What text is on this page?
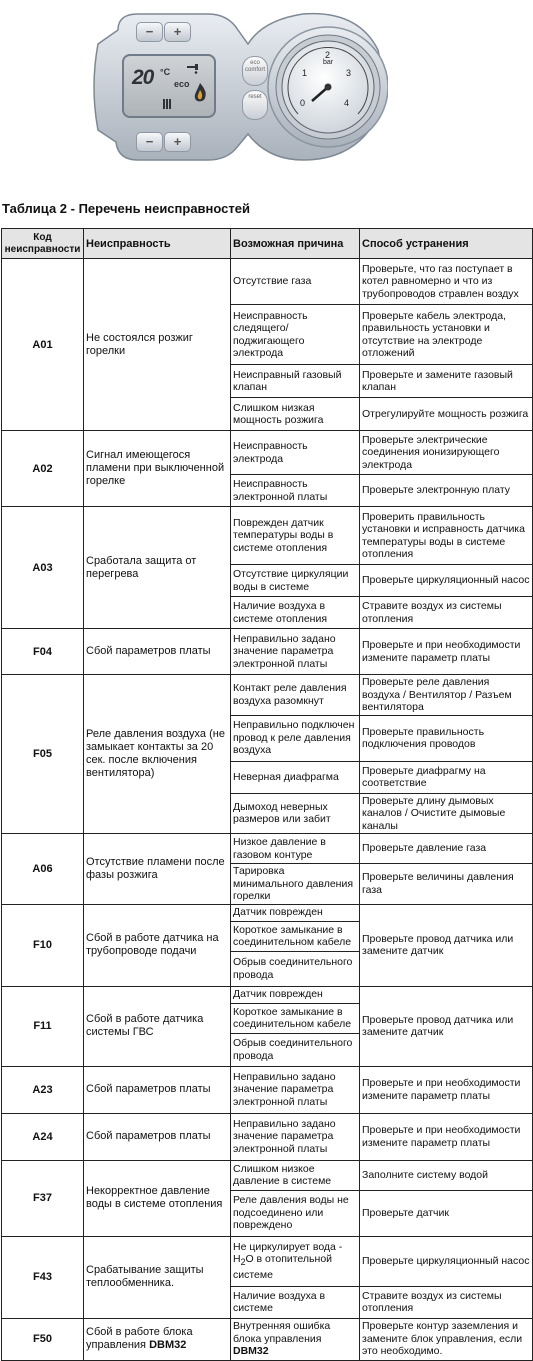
−	+
−	+
20 °C
eco
eco
comfort
reset
bar
0
1
2
3
4
Таблица 2 - Перечень неисправностей
Код неисправности	Неисправность	Возможная причина	Способ устранения
A01	Не состоялся розжиг горелки	Отсутствие газа	Проверьте, что газ поступает в котел равномерно и что из трубопроводов стравлен воздух
		Неисправность следящего/ поджигающего электрода	Проверьте кабель электрода, правильность установки и отсутствие на электроде отложений
		Неисправный газовый клапан	Проверьте и замените газовый клапан
		Слишком низкая мощность розжига	Отрегулируйте мощность розжига
A02	Сигнал имеющегося пламени при выключенной горелке	Неисправность электрода	Проверьте электрические соединения ионизирующего электрода
		Неисправность электронной платы	Проверьте электронную плату
A03	Сработала защита от перегрева	Поврежден датчик температуры воды в системе отопления	Проверить правильность установки и исправность датчика температуры воды в системе отопления
		Отсутствие циркуляции воды в системе	Проверьте циркуляционный насос
		Наличие воздуха в системе отопления	Стравите воздух из системы отопления
F04	Сбой параметров платы	Неправильно задано значение параметра электронной платы	Проверьте и при необходимости измените параметр платы
F05	Реле давления воздуха (не замыкает контакты за 20 сек. после включения вентилятора)	Контакт реле давления воздуха разомкнут	Проверьте реле давления воздуха / Вентилятор / Разъем вентилятора
		Неправильно подключен провод к реле давления воздуха	Проверьте правильность подключения проводов
		Неверная диафрагма	Проверьте диафрагму на соответствие
		Дымоход неверных размеров или забит	Проверьте длину дымовых каналов / Очистите дымовые каналы
A06	Отсутствие пламени после фазы розжига	Низкое давление в газовом контуре	Проверьте давление газа
		Тарировка минимального давления горелки	Проверьте величины давления газа
F10	Сбой в работе датчика на трубопроводе подачи	Датчик поврежден	Проверьте провод датчика или замените датчик
		Короткое замыкание в соединительном кабеле	
		Обрыв соединительного провода	
F11	Сбой в работе датчика системы ГВС	Датчик поврежден	Проверьте провод датчика или замените датчик
		Короткое замыкание в соединительном кабеле	
		Обрыв соединительного провода	
A23	Сбой параметров платы	Неправильно задано значение параметра электронной платы	Проверьте и при необходимости измените параметр платы
A24	Сбой параметров платы	Неправильно задано значение параметра электронной платы	Проверьте и при необходимости измените параметр платы
F37	Некорректное давление воды в системе отопления	Слишком низкое давление в системе	Заполните систему водой
		Реле давления воды не подсоединено или повреждено	Проверьте датчик
F43	Срабатывание защиты теплообменника.	Не циркулирует вода - $H_2O$ в отопительной системе	Проверьте циркуляционный насос
		Наличие воздуха в системе	Стравите воздух из системы отопления
F50	Сбой в работе блока управления DBM32	Внутренняя ошибка блока управления DBM32	Проверьте контур заземления и замените блок управления, если это необходимо.
